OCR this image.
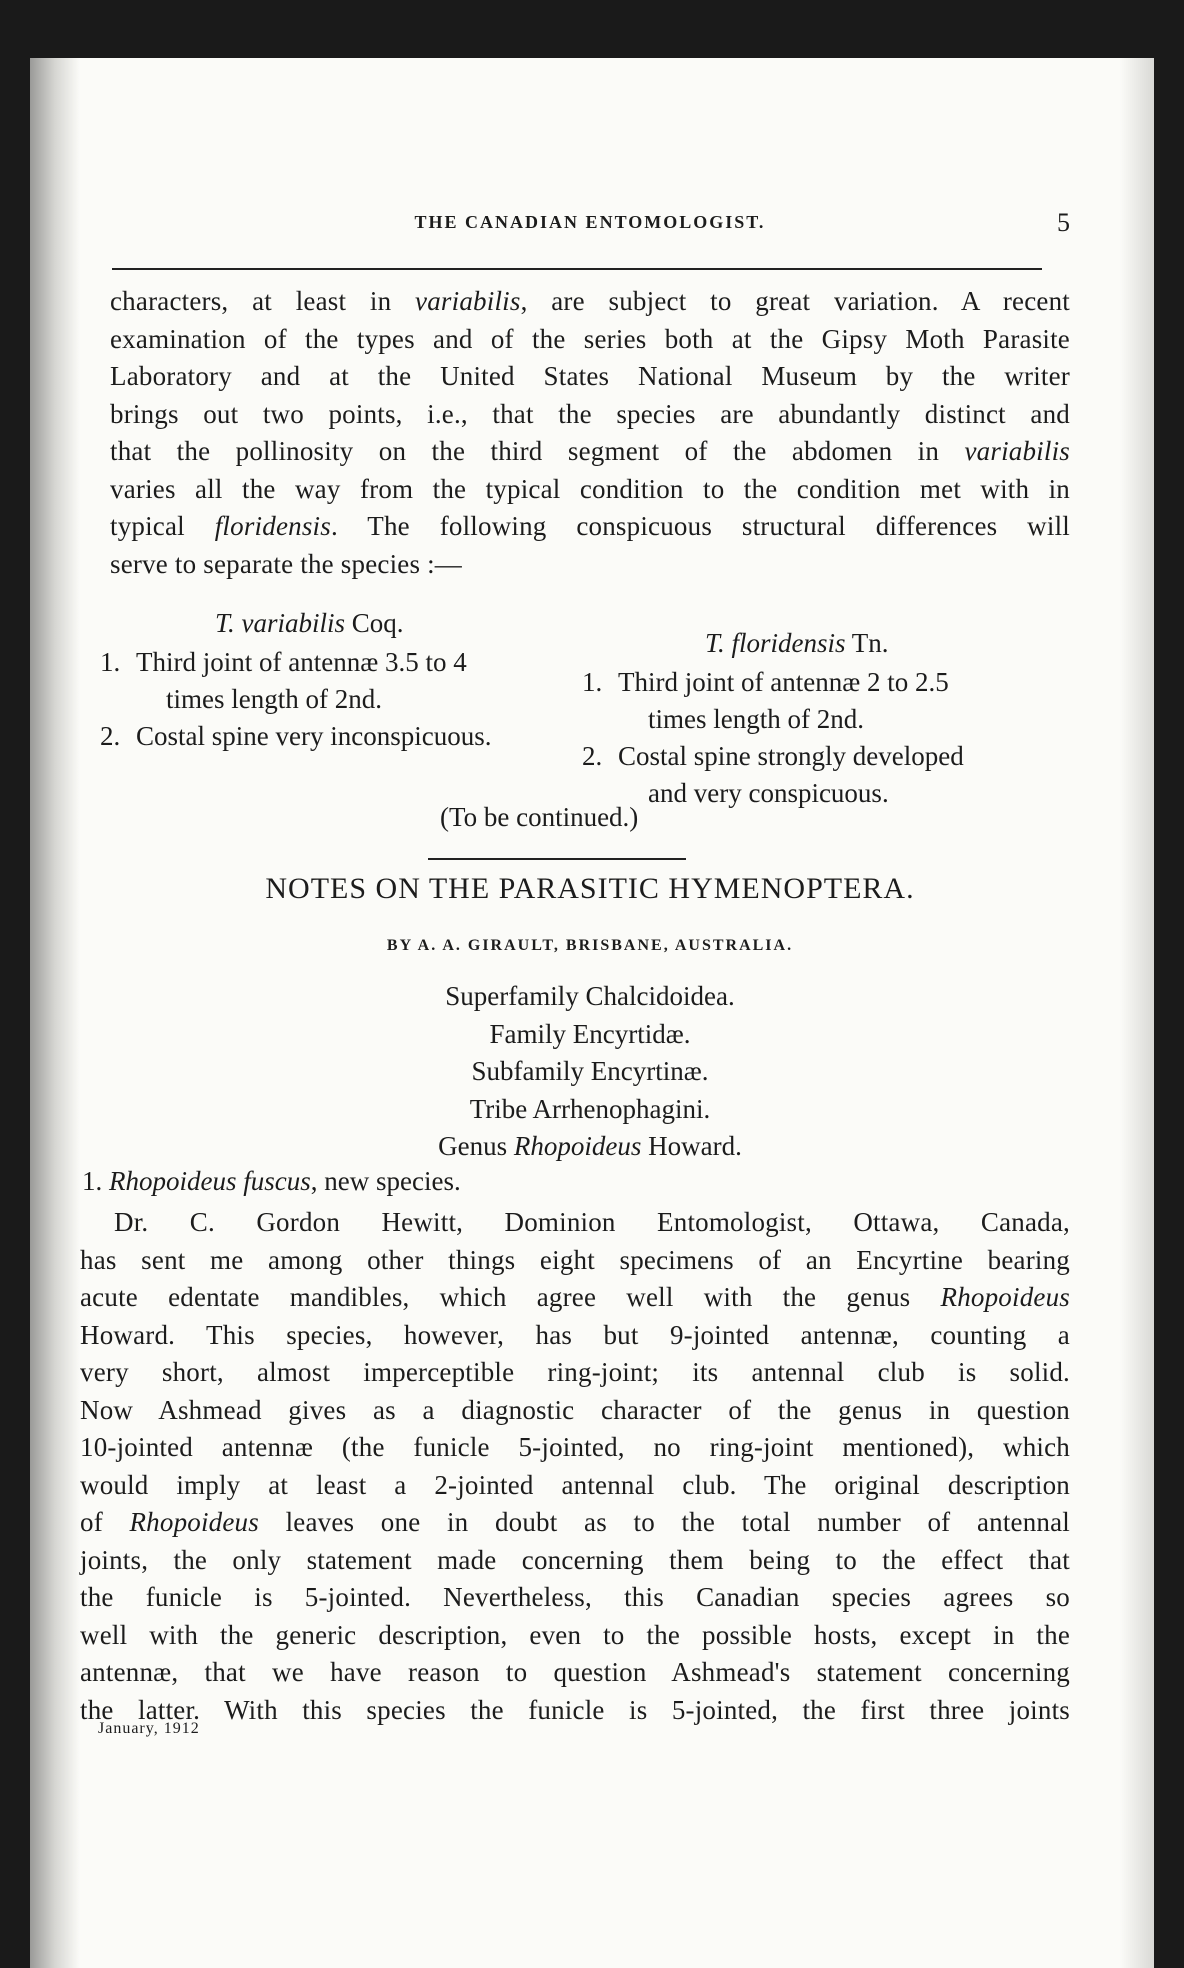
THE CANADIAN ENTOMOLOGIST.	5

characters, at least in variabilis, are subject to great variation. A recent

examination of the types and of the series both at the Gipsy Moth Parasite

Laboratory and at the United States National Museum by the writer

brings out two points, i.e., that the species are abundantly distinct and

that the pollinosity on the third segment of the abdomen in variabilis

varies all the way from the typical condition to the condition met with in

typical floridensis. The following conspicuous structural differences will

serve to separate the species :—

T. variabilis Coq.
T. floridensis Tn.
1. Third joint of antennæ 3.5 to 4
times length of 2nd.
2. Costal spine very inconspicuous.
1. Third joint of antennæ 2 to 2.5
times length of 2nd.
2. Costal spine strongly developed
and very conspicuous.
(To be continued.)
NOTES ON THE PARASITIC HYMENOPTERA.
BY A. A. GIRAULT, BRISBANE, AUSTRALIA.
Superfamily Chalcidoidea.
Family Encyrtidæ.
Subfamily Encyrtinæ.
Tribe Arrhenophagini.
Genus Rhopoideus Howard.
1. Rhopoideus fuscus, new species.

Dr. C. Gordon Hewitt, Dominion Entomologist, Ottawa, Canada,

has sent me among other things eight specimens of an Encyrtine bearing

acute edentate mandibles, which agree well with the genus Rhopoideus

Howard. This species, however, has but 9-jointed antennæ, counting a

very short, almost imperceptible ring-joint; its antennal club is solid.

Now Ashmead gives as a diagnostic character of the genus in question

10-jointed antennæ (the funicle 5-jointed, no ring-joint mentioned), which

would imply at least a 2-jointed antennal club. The original description

of Rhopoideus leaves one in doubt as to the total number of antennal

joints, the only statement made concerning them being to the effect that

the funicle is 5-jointed. Nevertheless, this Canadian species agrees so

well with the generic description, even to the possible hosts, except in the

antennæ, that we have reason to question Ashmead's statement concerning

the latter. With this species the funicle is 5-jointed, the first three joints

January, 1912
